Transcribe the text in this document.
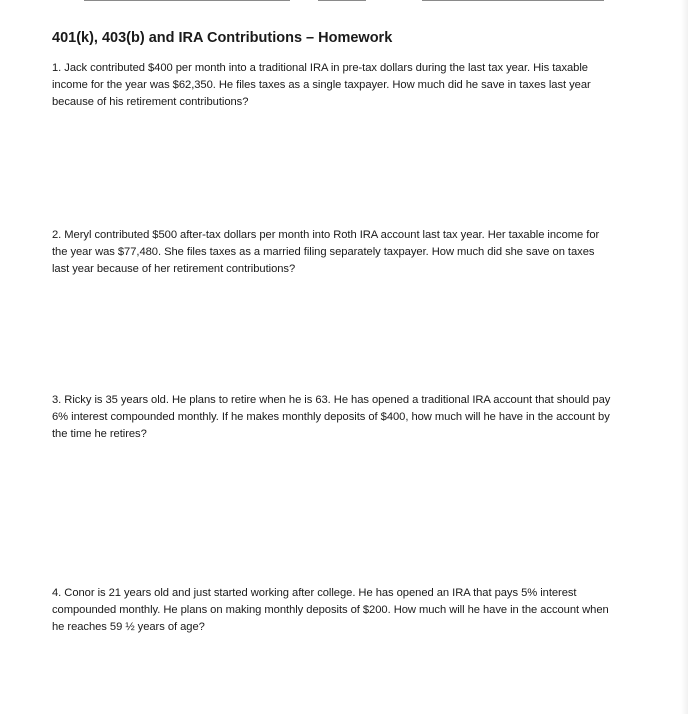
401(k), 403(b) and IRA Contributions – Homework

1. Jack contributed $400 per month into a traditional IRA in pre-tax dollars during the last tax year. His taxable income for the year was $62,350. He files taxes as a single taxpayer. How much did he save in taxes last year because of his retirement contributions?

2. Meryl contributed $500 after-tax dollars per month into Roth IRA account last tax year. Her taxable income for the year was $77,480. She files taxes as a married filing separately taxpayer. How much did she save on taxes last year because of her retirement contributions?

3. Ricky is 35 years old. He plans to retire when he is 63. He has opened a traditional IRA account that should pay 6% interest compounded monthly. If he makes monthly deposits of $400, how much will he have in the account by the time he retires?

4. Conor is 21 years old and just started working after college. He has opened an IRA that pays 5% interest compounded monthly. He plans on making monthly deposits of $200. How much will he have in the account when he reaches 59 ½ years of age?
